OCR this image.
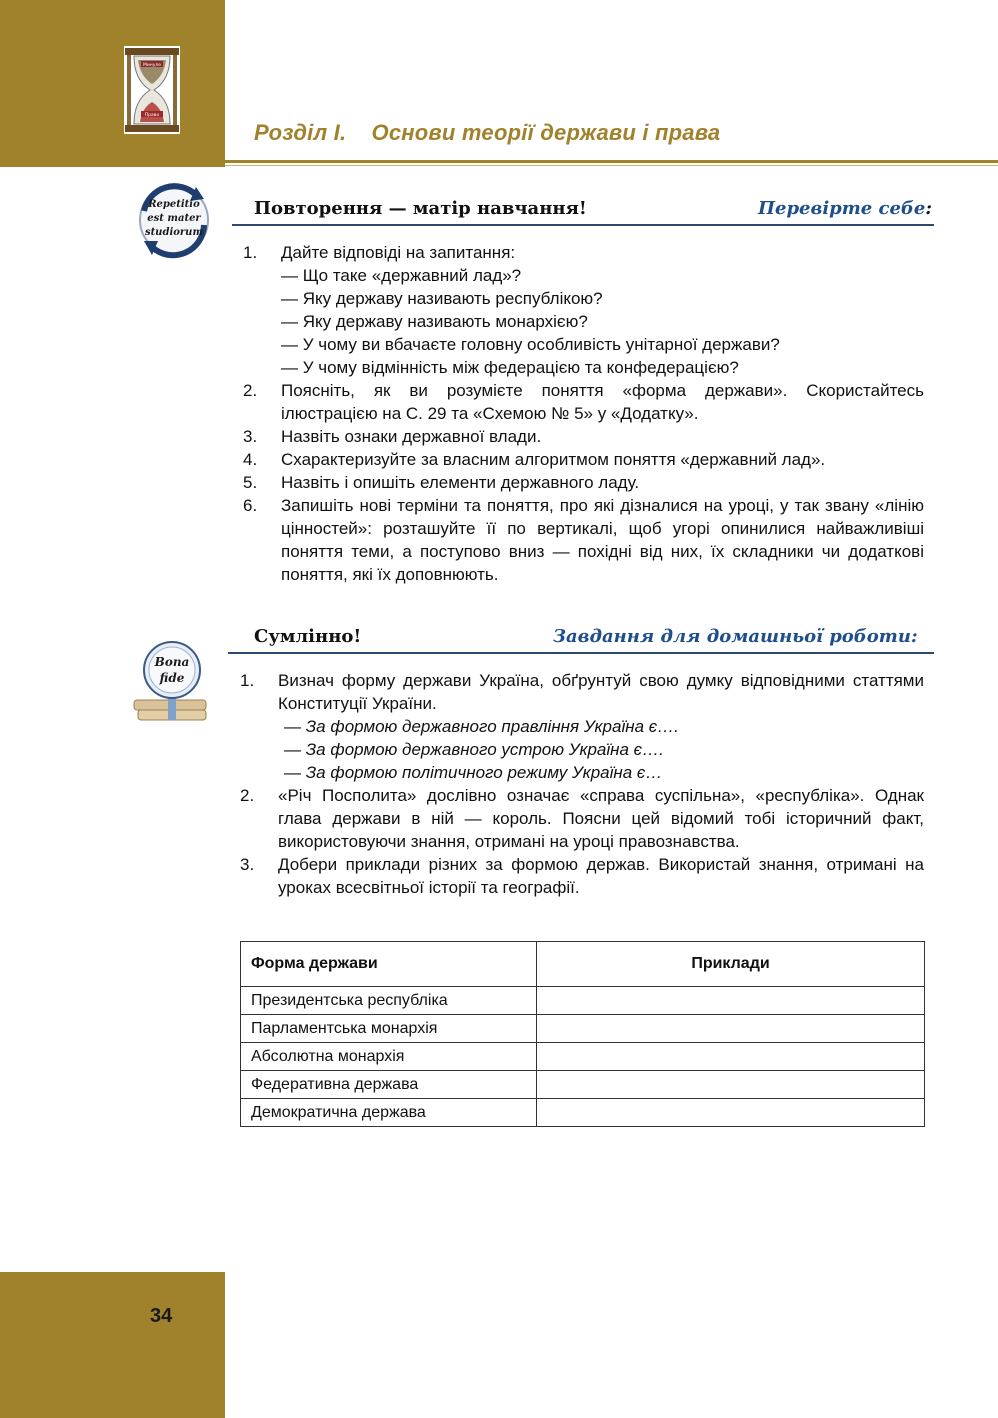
34
Минуле
Право
Розділ І.    Основи теорії держави і права
Repetitio
est mater
studiorum
Повторення — матір навчання!	Перевірте себе:
1. Дайте відповіді на запитання:
— Що таке «державний лад»?
— Яку державу називають республікою?
— Яку державу називають монархією?
— У чому ви вбачаєте головну особливість унітарної держави?
— У чому відмінність між федерацією та конфедерацією?
2. Поясніть, як ви розумієте поняття «форма держави». Скористайтесь ілюстрацією на С. 29 та «Схемою № 5» у «Додатку».
3. Назвіть ознаки державної влади.
4. Схарактеризуйте за власним алгоритмом поняття «державний лад».
5. Назвіть і опишіть елементи державного ладу.
6. Запишіть нові терміни та поняття, про які дізналися на уроці, у так звану «лінію цінностей»: розташуйте її по вертикалі, щоб угорі опинилися найважливіші поняття теми, а поступово вниз — похідні від них, їх складники чи додаткові поняття, які їх доповнюють.
Bona
fide
Сумлінно!	Завдання для домашньої роботи:
1. Визнач форму держави Україна, обґрунтуй свою думку відповідними статтями Конституції України.
— За формою державного правління Україна є….
— За формою державного устрою Україна є….
— За формою політичного режиму Україна є…
2. «Річ Посполита» дослівно означає «справа суспільна», «республіка». Однак глава держави в ній — король. Поясни цей відомий тобі історичний факт, використовуючи знання, отримані на уроці правознавства.
3. Добери приклади різних за формою держав. Використай знання, отримані на уроках всесвітньої історії та географії.
Форма держави	Приклади
Президентська республіка	
Парламентська монархія	
Абсолютна монархія	
Федеративна держава	
Демократична держава	
